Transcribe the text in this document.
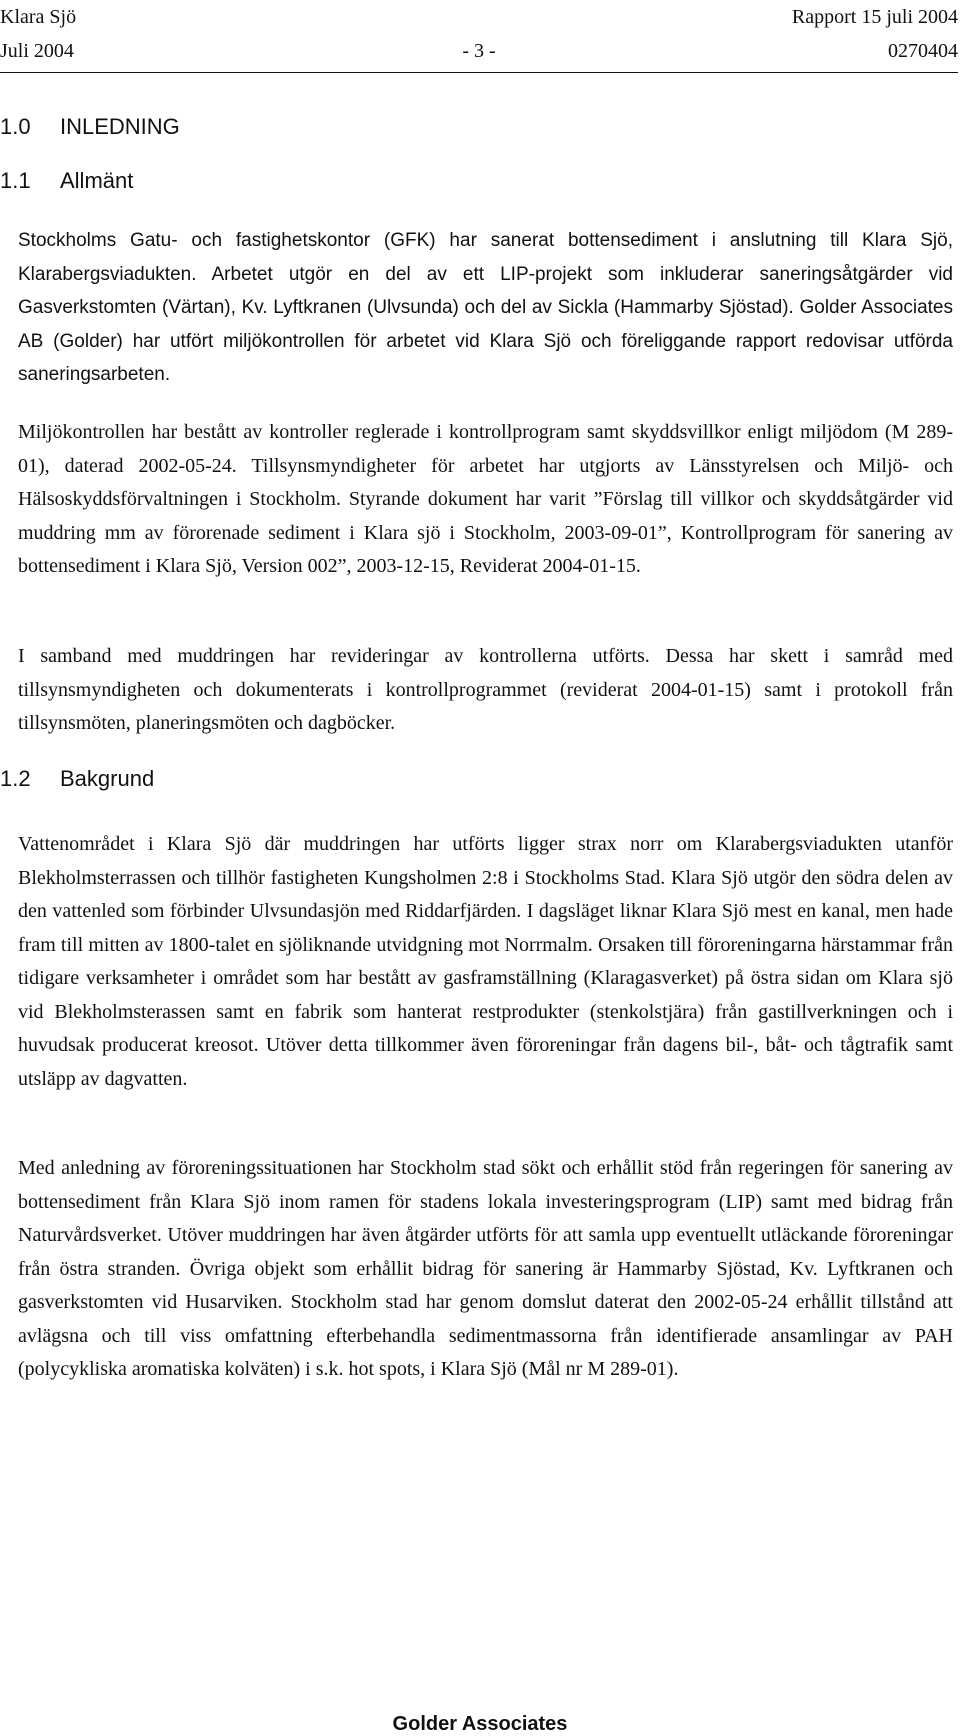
Klara Sjö	Rapport 15 juli 2004
Juli 2004	- 3 -	0270404
1.0 INLEDNING
1.1 Allmänt

Stockholms Gatu- och fastighetskontor (GFK) har sanerat bottensediment i anslutning till Klara Sjö, Klarabergsviadukten. Arbetet utgör en del av ett LIP-projekt som inkluderar saneringsåtgärder vid Gasverkstomten (Värtan), Kv. Lyftkranen (Ulvsunda) och del av Sickla (Hammarby Sjöstad). Golder Associates AB (Golder) har utfört miljökontrollen för arbetet vid Klara Sjö och föreliggande rapport redovisar utförda saneringsarbeten.

Miljökontrollen har bestått av kontroller reglerade i kontrollprogram samt skyddsvillkor enligt miljödom (M 289-01), daterad 2002-05-24. Tillsynsmyndigheter för arbetet har utgjorts av Länsstyrelsen och Miljö- och Hälsoskyddsförvaltningen i Stockholm. Styrande dokument har varit ”Förslag till villkor och skyddsåtgärder vid muddring mm av förorenade sediment i Klara sjö i Stockholm, 2003-09-01”, Kontrollprogram för sanering av bottensediment i Klara Sjö, Version 002”, 2003-12-15, Reviderat 2004-01-15.

I samband med muddringen har revideringar av kontrollerna utförts. Dessa har skett i samråd med tillsynsmyndigheten och dokumenterats i kontrollprogrammet (reviderat 2004-01-15) samt i protokoll från tillsynsmöten, planeringsmöten och dagböcker.

1.2 Bakgrund

Vattenområdet i Klara Sjö där muddringen har utförts ligger strax norr om Klarabergsviadukten utanför Blekholmsterrassen och tillhör fastigheten Kungsholmen 2:8 i Stockholms Stad. Klara Sjö utgör den södra delen av den vattenled som förbinder Ulvsundasjön med Riddarfjärden. I dagsläget liknar Klara Sjö mest en kanal, men hade fram till mitten av 1800-talet en sjöliknande utvidgning mot Norrmalm. Orsaken till föroreningarna härstammar från tidigare verksamheter i området som har bestått av gasframställning (Klaragasverket) på östra sidan om Klara sjö vid Blekholmsterassen samt en fabrik som hanterat restprodukter (stenkolstjära) från gastillverkningen och i huvudsak producerat kreosot. Utöver detta tillkommer även föroreningar från dagens bil-, båt- och tågtrafik samt utsläpp av dagvatten.

Med anledning av föroreningssituationen har Stockholm stad sökt och erhållit stöd från regeringen för sanering av bottensediment från Klara Sjö inom ramen för stadens lokala investeringsprogram (LIP) samt med bidrag från Naturvårdsverket. Utöver muddringen har även åtgärder utförts för att samla upp eventuellt utläckande föroreningar från östra stranden. Övriga objekt som erhållit bidrag för sanering är Hammarby Sjöstad, Kv. Lyftkranen och gasverkstomten vid Husarviken. Stockholm stad har genom domslut daterat den 2002-05-24 erhållit tillstånd att avlägsna och till viss omfattning efterbehandla sedimentmassorna från identifierade ansamlingar av PAH (polycykliska aromatiska kolväten) i s.k. hot spots, i Klara Sjö (Mål nr M 289-01).

Golder Associates
